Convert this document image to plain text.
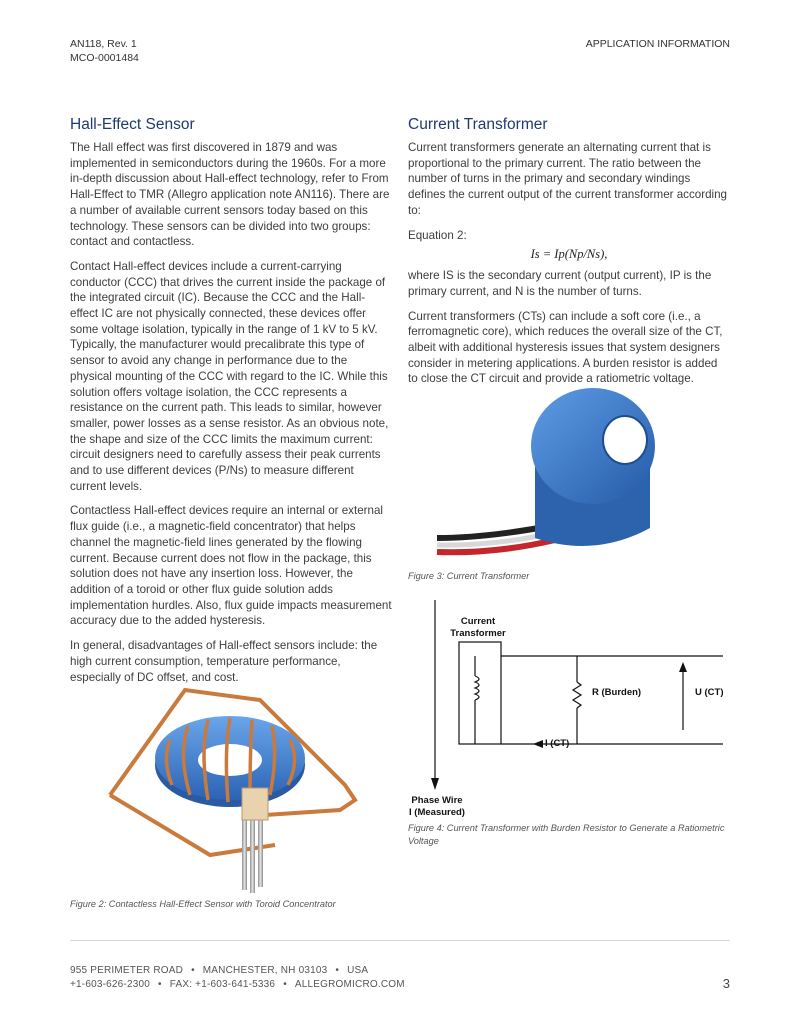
AN118, Rev. 1
MCO-0001484
APPLICATION INFORMATION
Hall-Effect Sensor

The Hall effect was first discovered in 1879 and was implemented in semiconductors during the 1960s. For a more in-depth discussion about Hall-effect technology, refer to From Hall-Effect to TMR (Allegro application note AN116). There are a number of available current sensors today based on this technology. These sensors can be divided into two groups: contact and contactless.

Contact Hall-effect devices include a current-carrying conductor (CCC) that drives the current inside the package of the integrated circuit (IC). Because the CCC and the Hall-effect IC are not physically connected, these devices offer some voltage isolation, typically in the range of 1 kV to 5 kV. Typically, the manufacturer would precalibrate this type of sensor to avoid any change in performance due to the physical mounting of the CCC with regard to the IC. While this solution offers voltage isolation, the CCC represents a resistance on the current path. This leads to similar, however smaller, power losses as a sense resistor. As an obvious note, the shape and size of the CCC limits the maximum current: circuit designers need to carefully assess their peak currents and to use different devices (P/Ns) to measure different current levels.

Contactless Hall-effect devices require an internal or external flux guide (i.e., a magnetic-field concentrator) that helps channel the magnetic-field lines generated by the flowing current. Because current does not flow in the package, this solution does not have any insertion loss. However, the addition of a toroid or other flux guide solution adds implementation hurdles. Also, flux guide impacts measurement accuracy due to the added hysteresis.

In general, disadvantages of Hall-effect sensors include: the high current consumption, temperature performance, especially of DC offset, and cost.

Figure 2: Contactless Hall-Effect Sensor with Toroid Concentrator
Current Transformer

Current transformers generate an alternating current that is proportional to the primary current. The ratio between the number of turns in the primary and secondary windings defines the current output of the current transformer according to:

Equation 2:

Is = Ip(Np/Ns),

where IS is the secondary current (output current), IP is the primary current, and N is the number of turns.

Current transformers (CTs) can include a soft core (i.e., a ferromagnetic core), which reduces the overall size of the CT, albeit with additional hysteresis issues that system designers consider in metering applications. A burden resistor is added to close the CT circuit and provide a ratiometric voltage.

Figure 3: Current Transformer
Current
Transformer
R (Burden)	U (CT)
I (CT)
Phase Wire
I (Measured)
Figure 4: Current Transformer with Burden Resistor to Generate a Ratiometric Voltage
955 PERIMETER ROAD • MANCHESTER, NH 03103 • USA
+1-603-626-2300 • FAX: +1-603-641-5336 • ALLEGROMICRO.COM	3
